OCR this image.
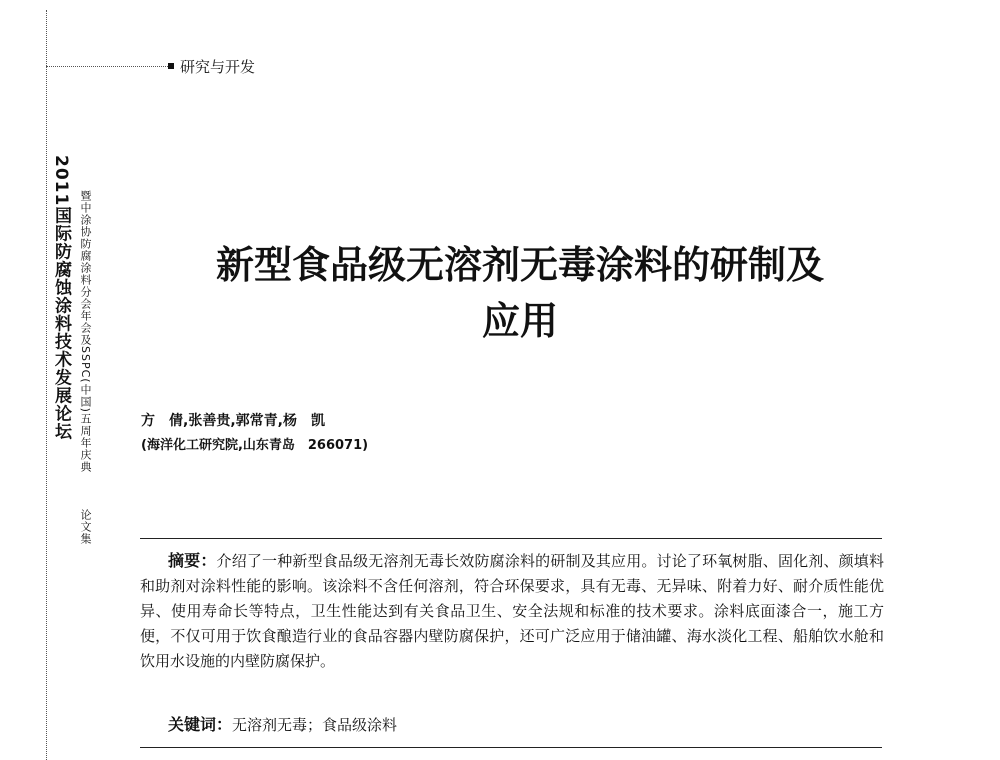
研究与开发
2011国际防腐蚀涂料技术发展论坛 暨中涂协防腐涂料分会年会及SSPC(中国)五周年庆典 论文集
新型食品级无溶剂无毒涂料的研制及
应用
方　倩,张善贵,郭常青,杨　凯
(海洋化工研究院,山东青岛　266071)
摘要：介绍了一种新型食品级无溶剂无毒长效防腐涂料的研制及其应用。讨论了环氧树脂、固化剂、颜填料和助剂对涂料性能的影响。该涂料不含任何溶剂，符合环保要求，具有无毒、无异味、附着力好、耐介质性能优异、使用寿命长等特点，卫生性能达到有关食品卫生、安全法规和标准的技术要求。涂料底面漆合一，施工方便，不仅可用于饮食酿造行业的食品容器内壁防腐保护，还可广泛应用于储油罐、海水淡化工程、船舶饮水舱和饮用水设施的内壁防腐保护。
关键词：无溶剂无毒；食品级涂料
